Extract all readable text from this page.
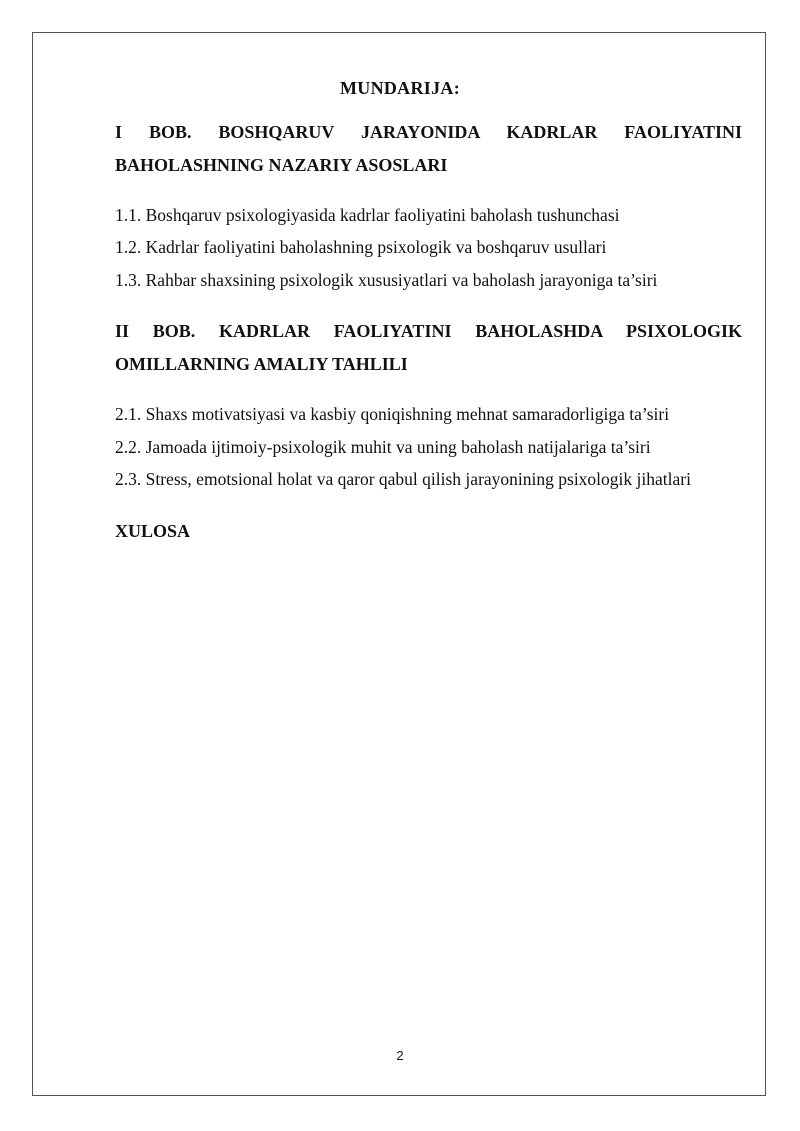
MUNDARIJA:
I BOB. BOSHQARUV JARAYONIDA KADRLAR FAOLIYATINI
BAHOLASHNING NAZARIY ASOSLARI

1.1. Boshqaruv psixologiyasida kadrlar faoliyatini baholash tushunchasi

1.2. Kadrlar faoliyatini baholashning psixologik va boshqaruv usullari

1.3. Rahbar shaxsining psixologik xususiyatlari va baholash jarayoniga ta’siri

II BOB. KADRLAR FAOLIYATINI BAHOLASHDA PSIXOLOGIK
OMILLARNING AMALIY TAHLILI

2.1. Shaxs motivatsiyasi va kasbiy qoniqishning mehnat samaradorligiga ta’siri

2.2. Jamoada ijtimoiy-psixologik muhit va uning baholash natijalariga ta’siri

2.3. Stress, emotsional holat va qaror qabul qilish jarayonining psixologik jihatlari

XULOSA

2
